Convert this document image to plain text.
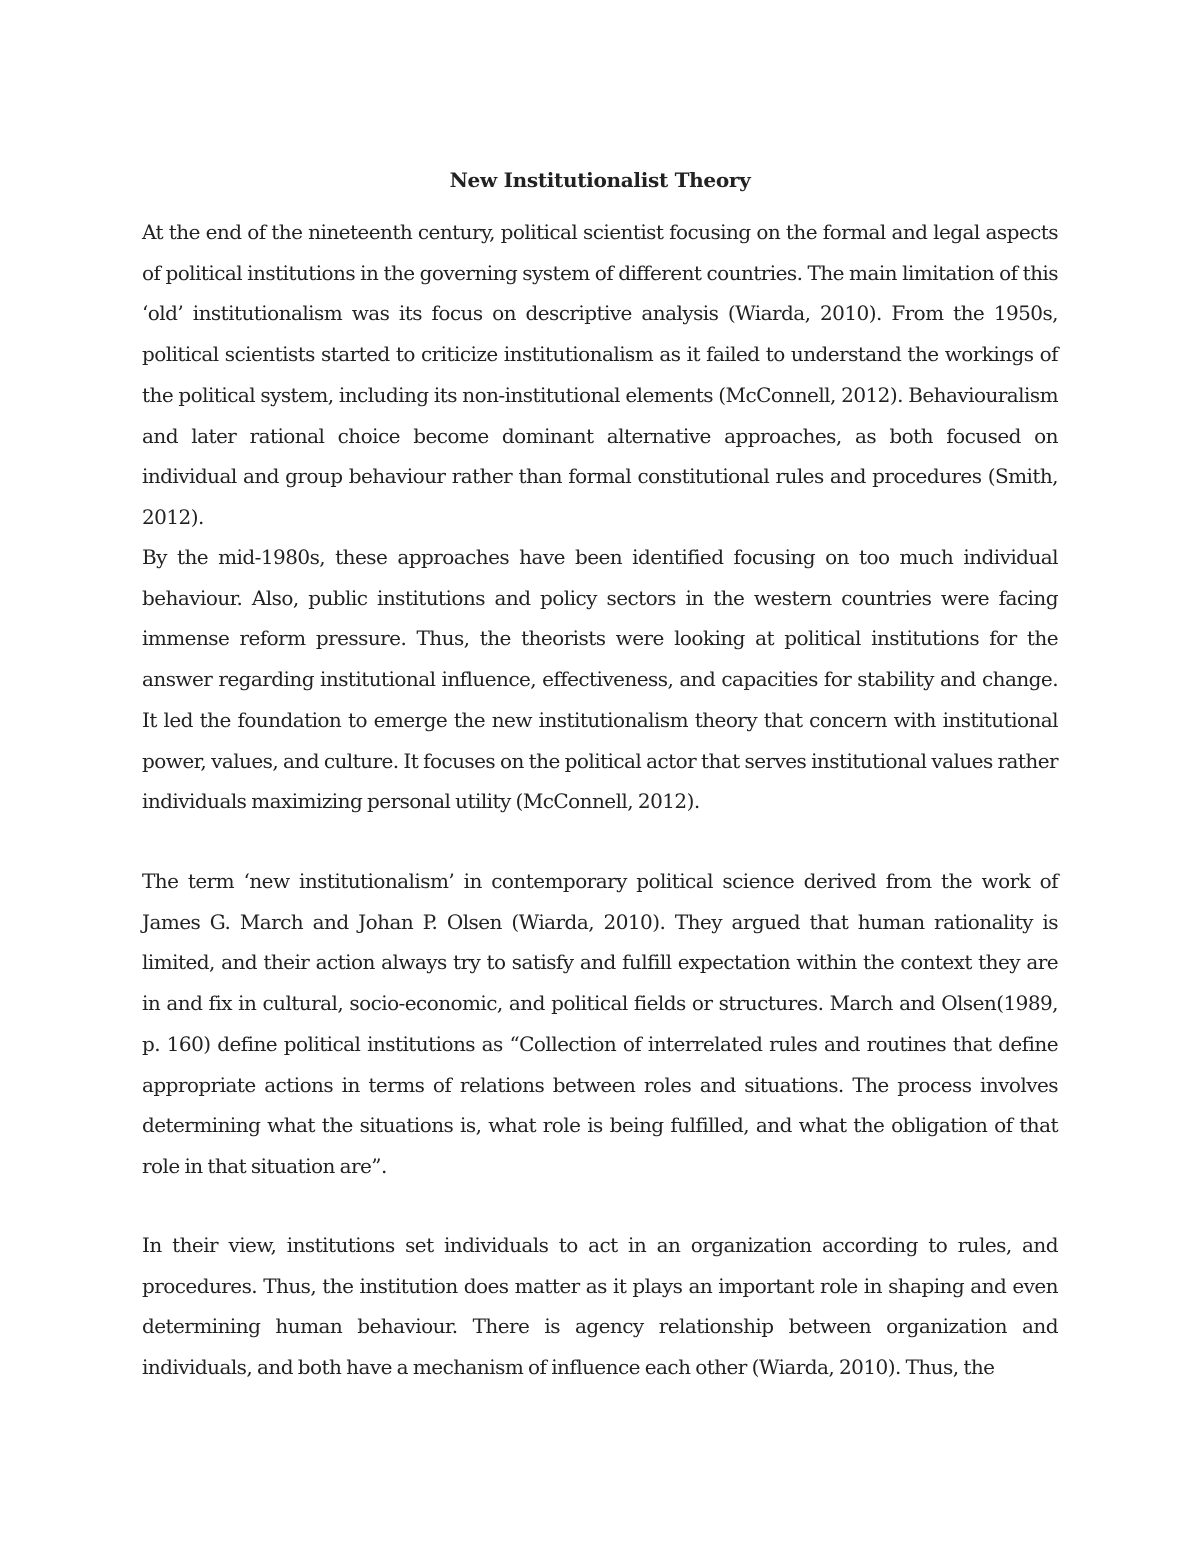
New Institutionalist Theory

At the end of the nineteenth century, political scientist focusing on the formal and legal aspects of political institutions in the governing system of different countries. The main limitation of this ‘old’ institutionalism was its focus on descriptive analysis (Wiarda, 2010). From the 1950s, political scientists started to criticize institutionalism as it failed to understand the workings of the political system, including its non-institutional elements (McConnell, 2012). Behaviouralism and later rational choice become dominant alternative approaches, as both focused on individual and group behaviour rather than formal constitutional rules and procedures (Smith, 2012).

By the mid-1980s, these approaches have been identified focusing on too much individual behaviour. Also, public institutions and policy sectors in the western countries were facing immense reform pressure. Thus, the theorists were looking at political institutions for the answer regarding institutional influence, effectiveness, and capacities for stability and change. It led the foundation to emerge the new institutionalism theory that concern with institutional power, values, and culture. It focuses on the political actor that serves institutional values rather individuals maximizing personal utility (McConnell, 2012).

The term ‘new institutionalism’ in contemporary political science derived from the work of James G. March and Johan P. Olsen (Wiarda, 2010). They argued that human rationality is limited, and their action always try to satisfy and fulfill expectation within the context they are in and fix in cultural, socio-economic, and political fields or structures. March and Olsen(1989, p. 160) define political institutions as “Collection of interrelated rules and routines that define appropriate actions in terms of relations between roles and situations. The process involves determining what the situations is, what role is being fulfilled, and what the obligation of that role in that situation are”.

In their view, institutions set individuals to act in an organization according to rules, and procedures. Thus, the institution does matter as it plays an important role in shaping and even determining human behaviour. There is agency relationship between organization and individuals, and both have a mechanism of influence each other (Wiarda, 2010). Thus, the
